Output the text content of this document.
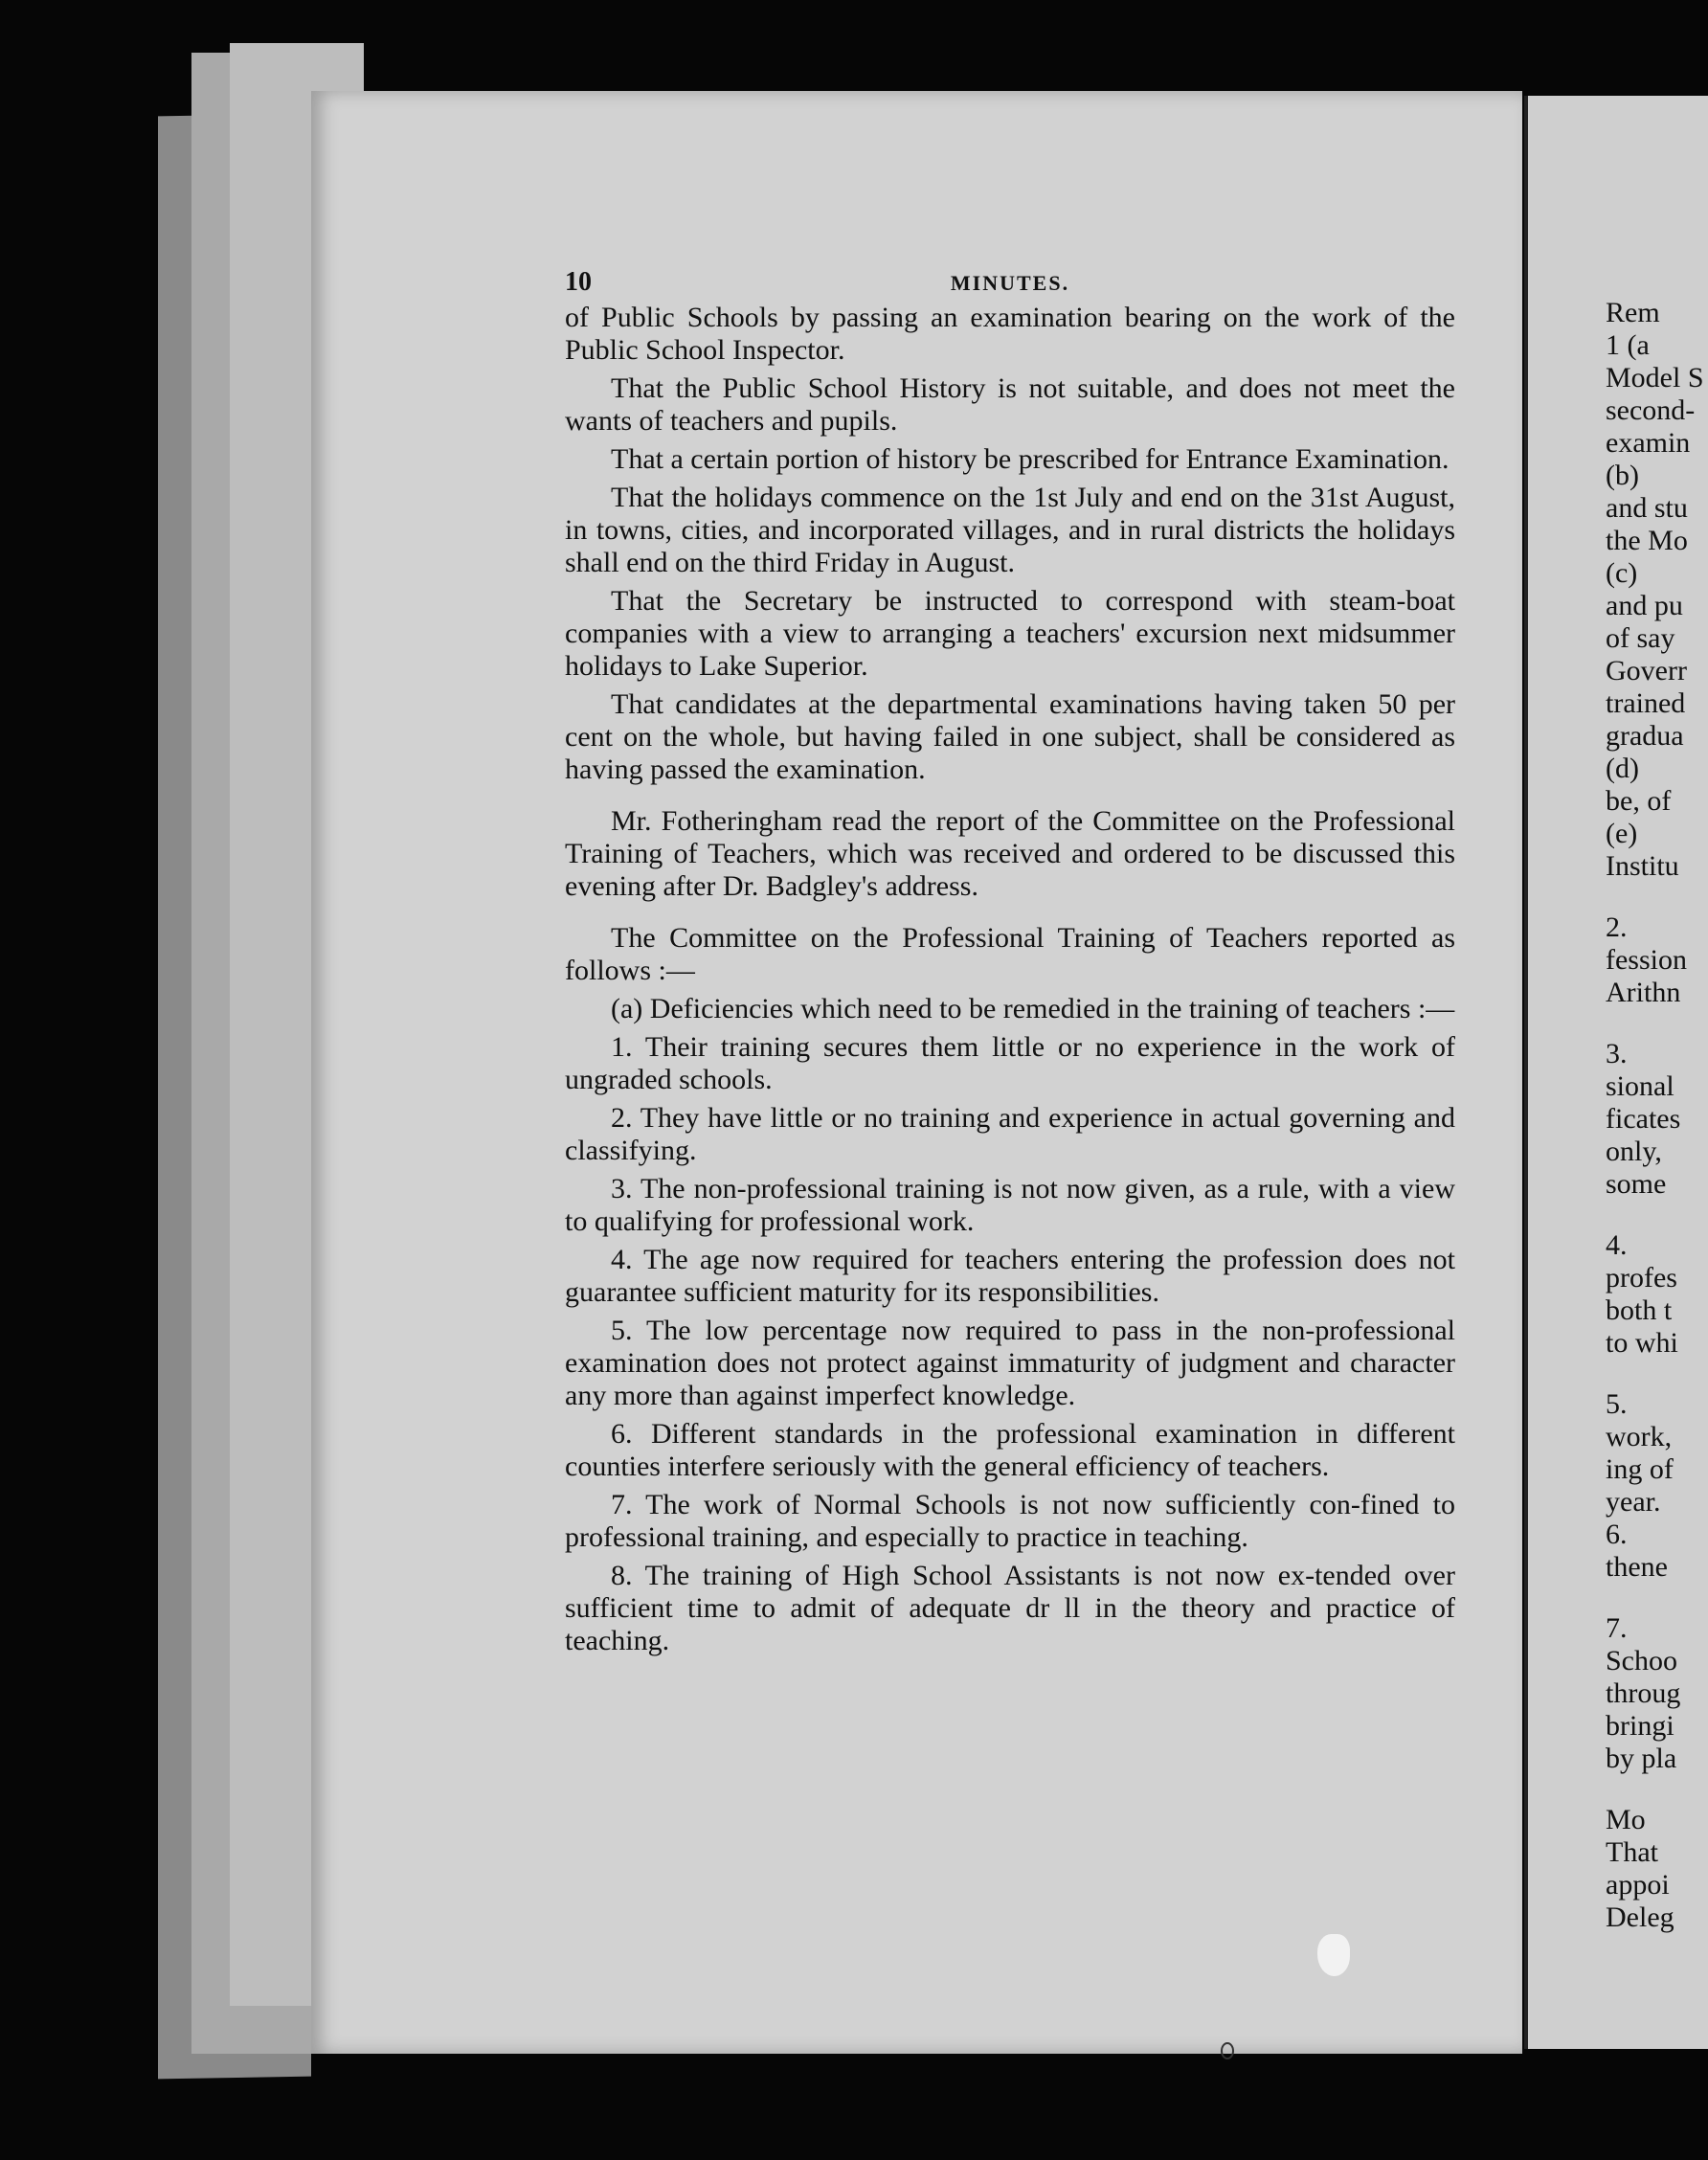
10	MINUTES.

of Public Schools by passing an examination bearing on the work of the Public School Inspector.

That the Public School History is not suitable, and does not meet the wants of teachers and pupils.

That a certain portion of history be prescribed for Entrance Examination.

That the holidays commence on the 1st July and end on the 31st August, in towns, cities, and incorporated villages, and in rural districts the holidays shall end on the third Friday in August.

That the Secretary be instructed to correspond with steam-boat companies with a view to arranging a teachers' excursion next midsummer holidays to Lake Superior.

That candidates at the departmental examinations having taken 50 per cent on the whole, but having failed in one subject, shall be considered as having passed the examination.

Mr. Fotheringham read the report of the Committee on the Professional Training of Teachers, which was received and ordered to be discussed this evening after Dr. Badgley's address.

The Committee on the Professional Training of Teachers reported as follows :—

(a) Deficiencies which need to be remedied in the training of teachers :—

1. Their training secures them little or no experience in the work of ungraded schools.

2. They have little or no training and experience in actual governing and classifying.

3. The non-professional training is not now given, as a rule, with a view to qualifying for professional work.

4. The age now required for teachers entering the profession does not guarantee sufficient maturity for its responsibilities.

5. The low percentage now required to pass in the non-professional examination does not protect against immaturity of judgment and character any more than against imperfect knowledge.

6. Different standards in the professional examination in different counties interfere seriously with the general efficiency of teachers.

7. The work of Normal Schools is not now sufficiently con-fined to professional training, and especially to practice in teaching.

8. The training of High School Assistants is not now ex-tended over sufficient time to admit of adequate dr ll in the theory and practice of teaching.

Rem
1 (a
Model S
second-
examin
(b)
and stu
the Mo
(c)
and pu
of say
Goverr
trained
gradua
(d)
be, of
(e)
Institu
2.
fession
Arithn
3.
sional
ficates
only,
some
4.
profes
both t
to whi
5.
work,
ing of
year.
6.
thene
7.
Schoo
throug
bringi
by pla
Mo
That
appoi
Deleg
